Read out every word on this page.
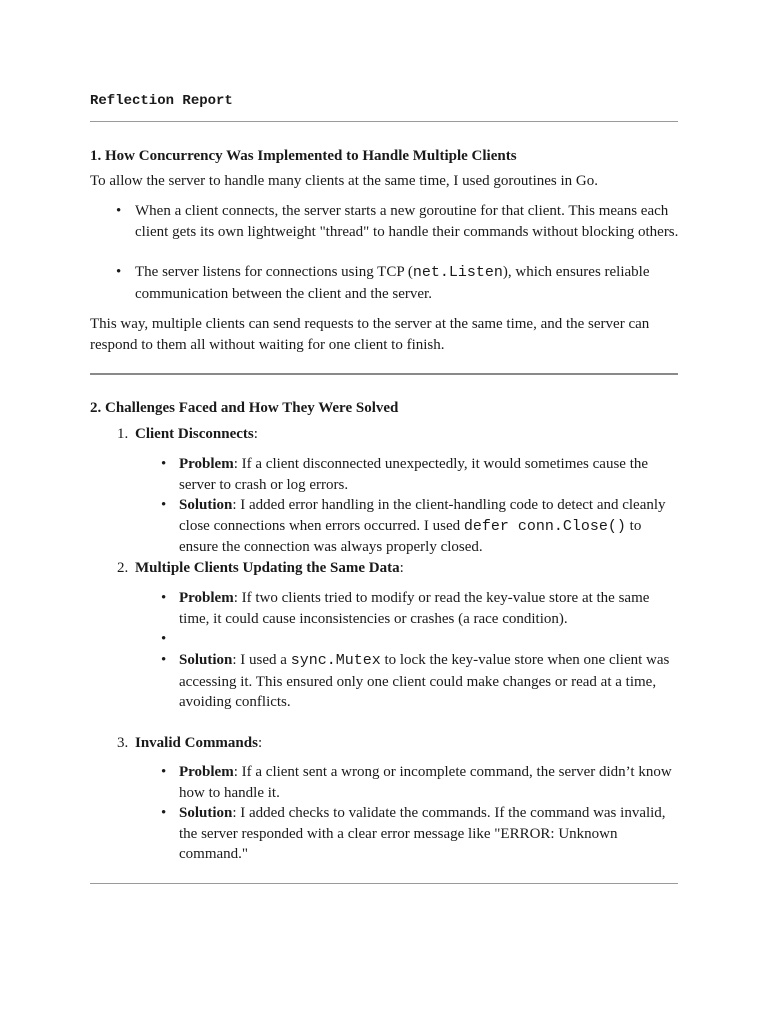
Reflection Report
1. How Concurrency Was Implemented to Handle Multiple Clients
To allow the server to handle many clients at the same time, I used goroutines in Go.
• When a client connects, the server starts a new goroutine for that client. This means each client gets its own lightweight "thread" to handle their commands without blocking others.
• The server listens for connections using TCP (net.Listen), which ensures reliable communication between the client and the server.
This way, multiple clients can send requests to the server at the same time, and the server can respond to them all without waiting for one client to finish.
2. Challenges Faced and How They Were Solved
1. Client Disconnects:
• Problem: If a client disconnected unexpectedly, it would sometimes cause the server to crash or log errors.
• Solution: I added error handling in the client-handling code to detect and cleanly close connections when errors occurred. I used defer conn.Close() to ensure the connection was always properly closed.
2. Multiple Clients Updating the Same Data:
• Problem: If two clients tried to modify or read the key-value store at the same time, it could cause inconsistencies or crashes (a race condition).
•
• Solution: I used a sync.Mutex to lock the key-value store when one client was accessing it. This ensured only one client could make changes or read at a time, avoiding conflicts.
3. Invalid Commands:
• Problem: If a client sent a wrong or incomplete command, the server didn’t know how to handle it.
• Solution: I added checks to validate the commands. If the command was invalid, the server responded with a clear error message like "ERROR: Unknown command."
